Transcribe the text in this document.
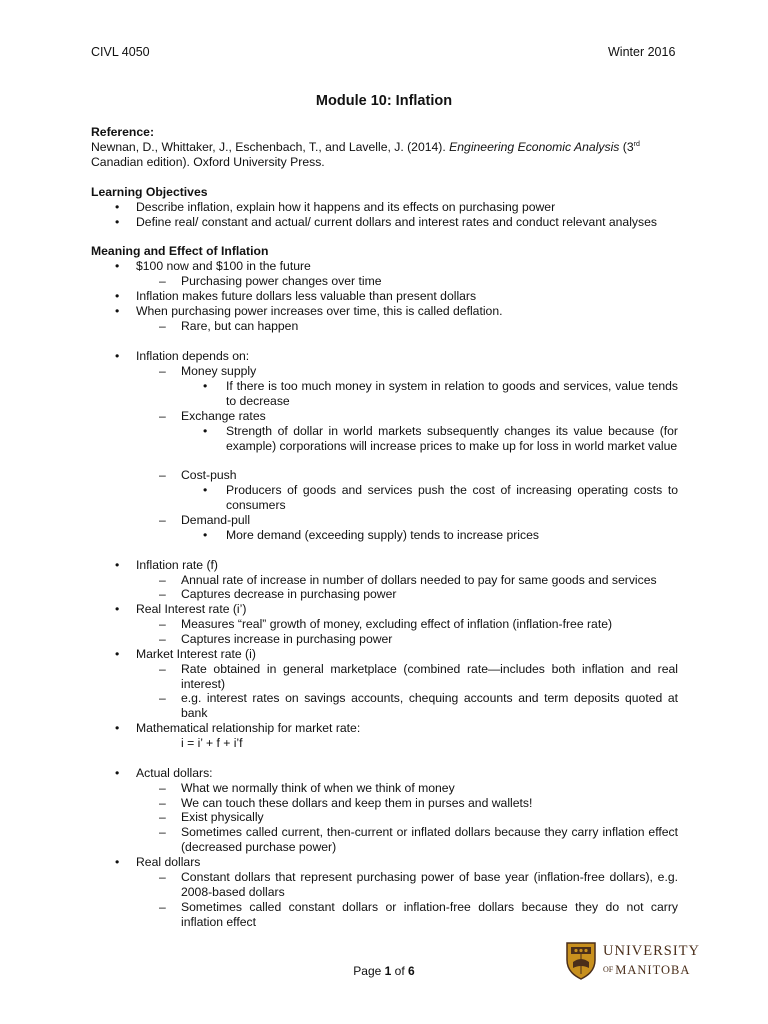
CIVL 4050	Winter 2016
Module 10: Inflation
Reference:
Newnan, D., Whittaker, J., Eschenbach, T., and Lavelle, J. (2014). Engineering Economic Analysis (3rd
Canadian edition). Oxford University Press.
Learning Objectives
• Describe inflation, explain how it happens and its effects on purchasing power
• Define real/ constant and actual/ current dollars and interest rates and conduct relevant analyses
Meaning and Effect of Inflation
• $100 now and $100 in the future
– Purchasing power changes over time
• Inflation makes future dollars less valuable than present dollars
• When purchasing power increases over time, this is called deflation.
– Rare, but can happen
• Inflation depends on:
– Money supply
• If there is too much money in system in relation to goods and services, value tends to decrease
– Exchange rates
• Strength of dollar in world markets subsequently changes its value because (for example) corporations will increase prices to make up for loss in world market value
– Cost-push
• Producers of goods and services push the cost of increasing operating costs to consumers
– Demand-pull
• More demand (exceeding supply) tends to increase prices
• Inflation rate (f)
– Annual rate of increase in number of dollars needed to pay for same goods and services
– Captures decrease in purchasing power
• Real Interest rate (i’)
– Measures “real” growth of money, excluding effect of inflation (inflation-free rate)
– Captures increase in purchasing power
• Market Interest rate (i)
– Rate obtained in general marketplace (combined rate—includes both inflation and real interest)
– e.g. interest rates on savings accounts, chequing accounts and term deposits quoted at bank
• Mathematical relationship for market rate:
i = i’ + f + i’f
• Actual dollars:
– What we normally think of when we think of money
– We can touch these dollars and keep them in purses and wallets!
– Exist physically
– Sometimes called current, then-current or inflated dollars because they carry inflation effect (decreased purchase power)
• Real dollars
– Constant dollars that represent purchasing power of base year (inflation-free dollars), e.g. 2008-based dollars
– Sometimes called constant dollars or inflation-free dollars because they do not carry inflation effect
Page 1 of 6
UNIVERSITY
OF MANITOBA
